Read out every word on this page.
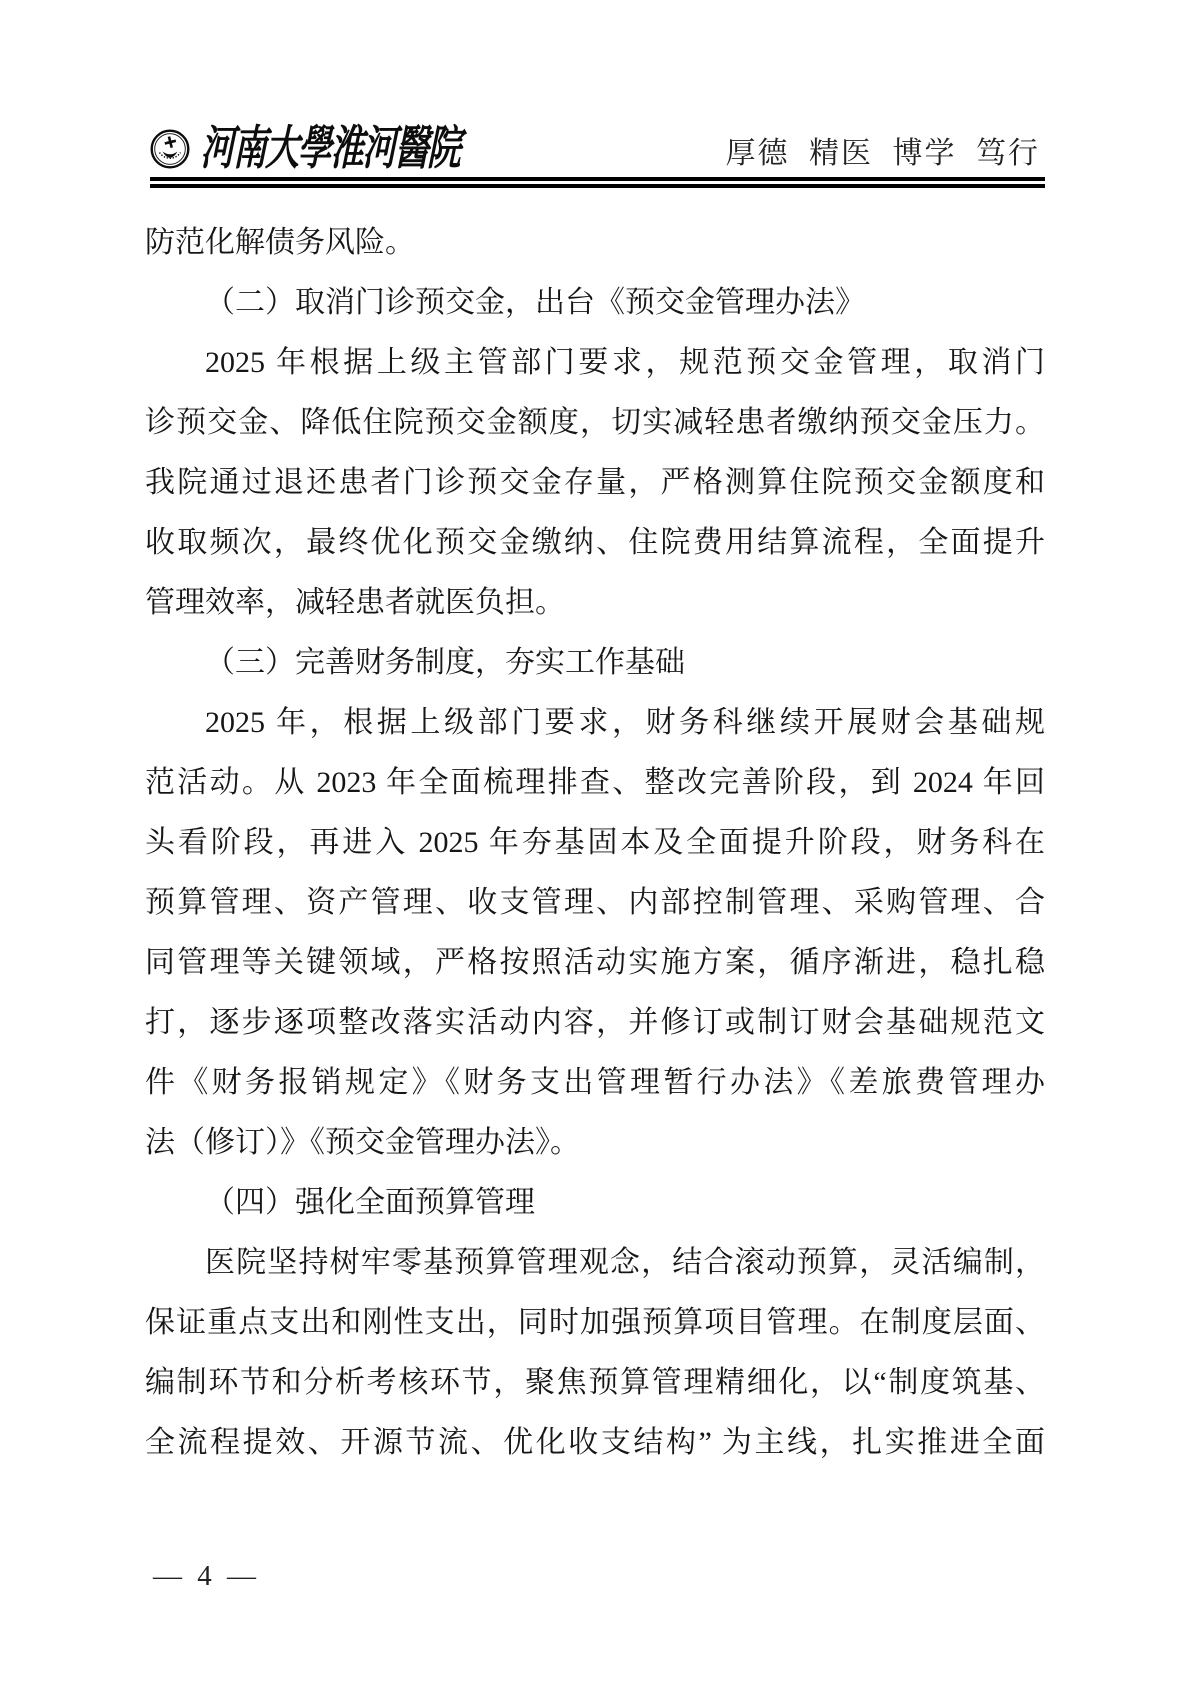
河南大學淮河醫院	厚德 精医 博学 笃行
防范化解债务风险。
（二）取消门诊预交金，出台《预交金管理办法》
2025 年根据上级主管部门要求，规范预交金管理，取消门
诊预交金、降低住院预交金额度，切实减轻患者缴纳预交金压力。
我院通过退还患者门诊预交金存量，严格测算住院预交金额度和
收取频次，最终优化预交金缴纳、住院费用结算流程，全面提升
管理效率，减轻患者就医负担。
（三）完善财务制度，夯实工作基础
2025 年，根据上级部门要求，财务科继续开展财会基础规
范活动。从 2023 年全面梳理排查、整改完善阶段，到 2024 年回
头看阶段，再进入 2025 年夯基固本及全面提升阶段，财务科在
预算管理、资产管理、收支管理、内部控制管理、采购管理、合
同管理等关键领域，严格按照活动实施方案，循序渐进，稳扎稳
打，逐步逐项整改落实活动内容，并修订或制订财会基础规范文
件《财务报销规定》《财务支出管理暂行办法》《差旅费管理办
法（修订）》《预交金管理办法》。
（四）强化全面预算管理
医院坚持树牢零基预算管理观念，结合滚动预算，灵活编制，
保证重点支出和刚性支出，同时加强预算项目管理。在制度层面、
编制环节和分析考核环节，聚焦预算管理精细化，以“制度筑基、
全流程提效、开源节流、优化收支结构” 为主线，扎实推进全面
— 4 —
